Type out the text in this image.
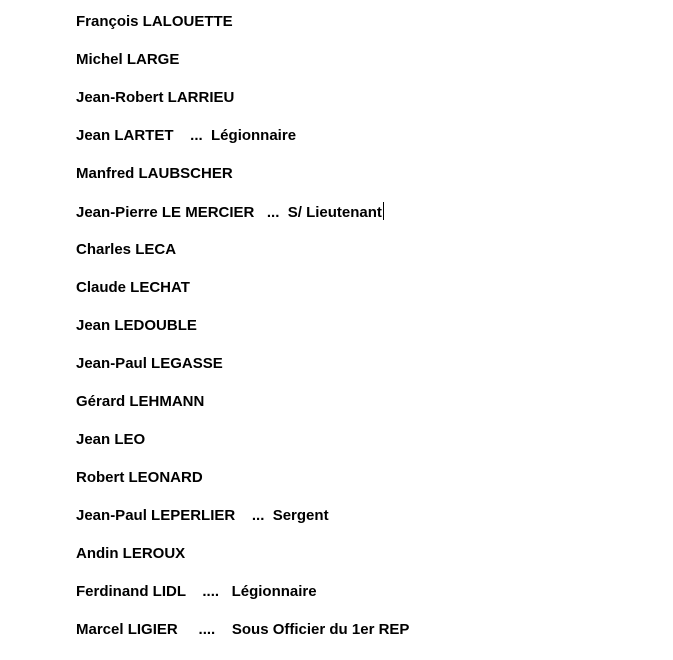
François LALOUETTE
Michel LARGE
Jean-Robert LARRIEU
Jean LARTET    ...  Légionnaire
Manfred LAUBSCHER
Jean-Pierre LE MERCIER   ...  S/ Lieutenant
Charles LECA
Claude LECHAT
Jean LEDOUBLE
Jean-Paul LEGASSE
Gérard LEHMANN
Jean LEO
Robert LEONARD
Jean-Paul LEPERLIER    ...  Sergent
Andin LEROUX
Ferdinand LIDL    ....   Légionnaire
Marcel LIGIER     ....    Sous Officier du 1er REP
